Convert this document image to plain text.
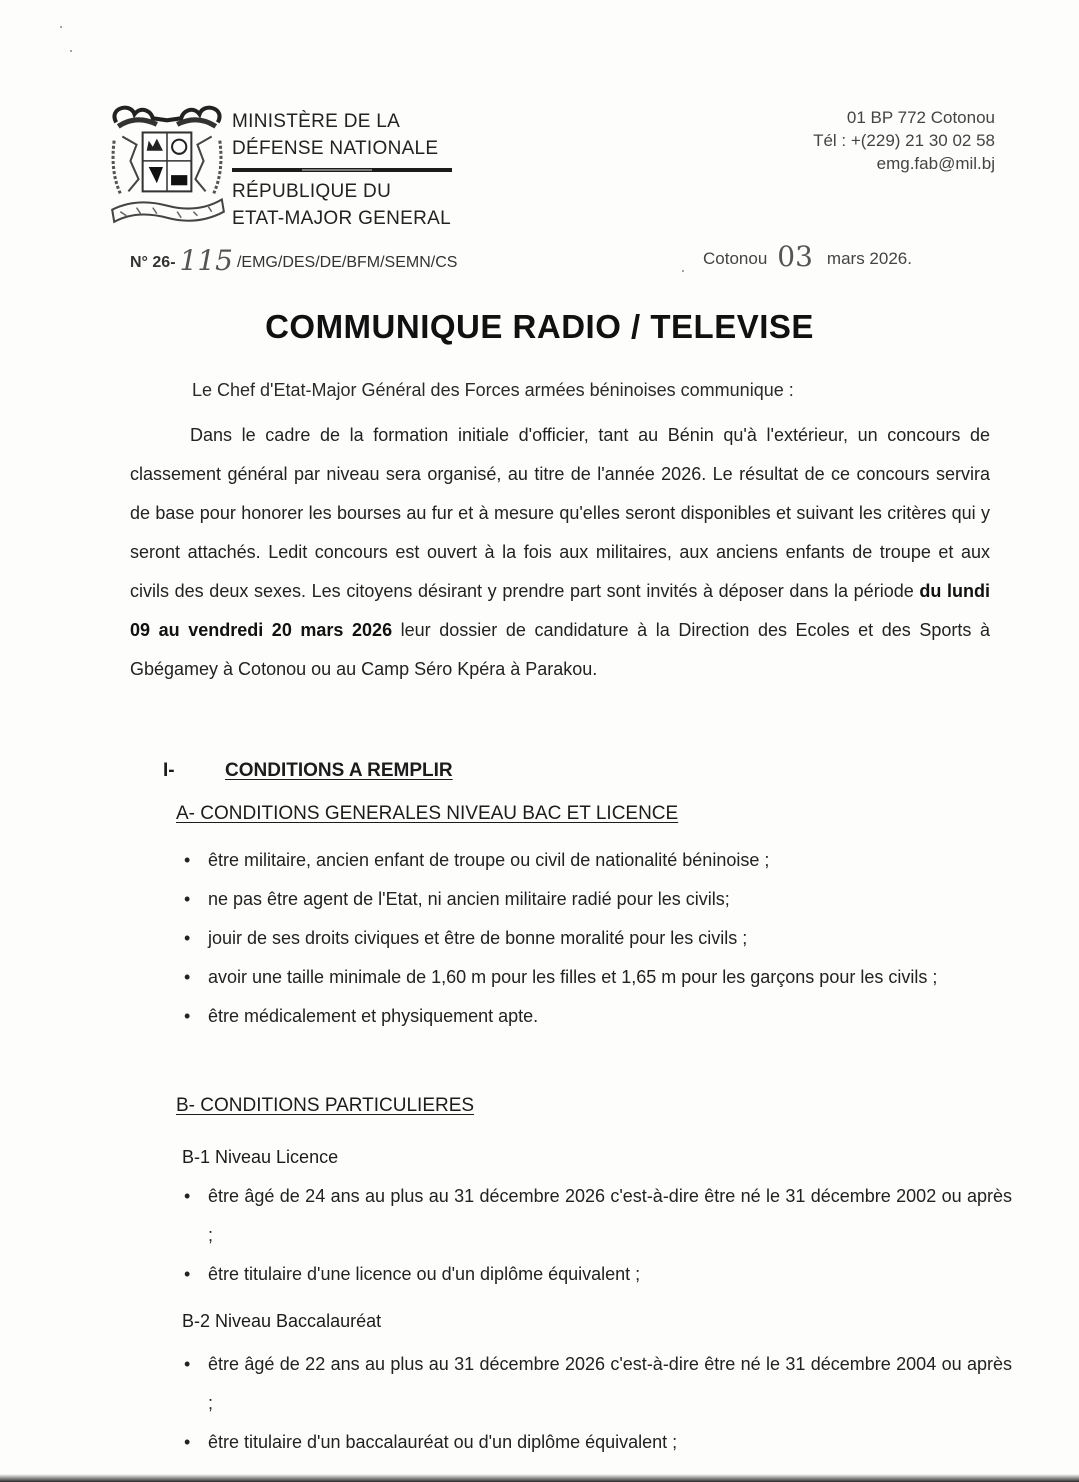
MINISTÈRE DE LA
DÉFENSE NATIONALE
RÉPUBLIQUE DU
ETAT-MAJOR GENERAL
01 BP 772 Cotonou
Tél : +(229) 21 30 02 58
emg.fab@mil.bj
N° 26- 115 /EMG/DES/DE/BFM/SEMN/CS	Cotonou 03 mars 2026.
COMMUNIQUE RADIO / TELEVISE
Le Chef d'Etat-Major Général des Forces armées béninoises communique :
Dans le cadre de la formation initiale d'officier, tant au Bénin qu'à l'extérieur, un concours de classement général par niveau sera organisé, au titre de l'année 2026. Le résultat de ce concours servira de base pour honorer les bourses au fur et à mesure qu'elles seront disponibles et suivant les critères qui y seront attachés. Ledit concours est ouvert à la fois aux militaires, aux anciens enfants de troupe et aux civils des deux sexes. Les citoyens désirant y prendre part sont invités à déposer dans la période du lundi 09 au vendredi 20 mars 2026 leur dossier de candidature à la Direction des Ecoles et des Sports à Gbégamey à Cotonou ou au Camp Séro Kpéra à Parakou.
I-	CONDITIONS A REMPLIR
A- CONDITIONS GENERALES NIVEAU BAC ET LICENCE
• être militaire, ancien enfant de troupe ou civil de nationalité béninoise ;
• ne pas être agent de l'Etat, ni ancien militaire radié pour les civils;
• jouir de ses droits civiques et être de bonne moralité pour les civils ;
• avoir une taille minimale de 1,60 m pour les filles et 1,65 m pour les garçons pour les civils ;
• être médicalement et physiquement apte.
B- CONDITIONS PARTICULIERES
B-1 Niveau Licence
• être âgé de 24 ans au plus au 31 décembre 2026 c'est-à-dire être né le 31 décembre 2002 ou après ;
• être titulaire d'une licence ou d'un diplôme équivalent ;
B-2 Niveau Baccalauréat
• être âgé de 22 ans au plus au 31 décembre 2026 c'est-à-dire être né le 31 décembre 2004 ou après ;
• être titulaire d'un baccalauréat ou d'un diplôme équivalent ;
